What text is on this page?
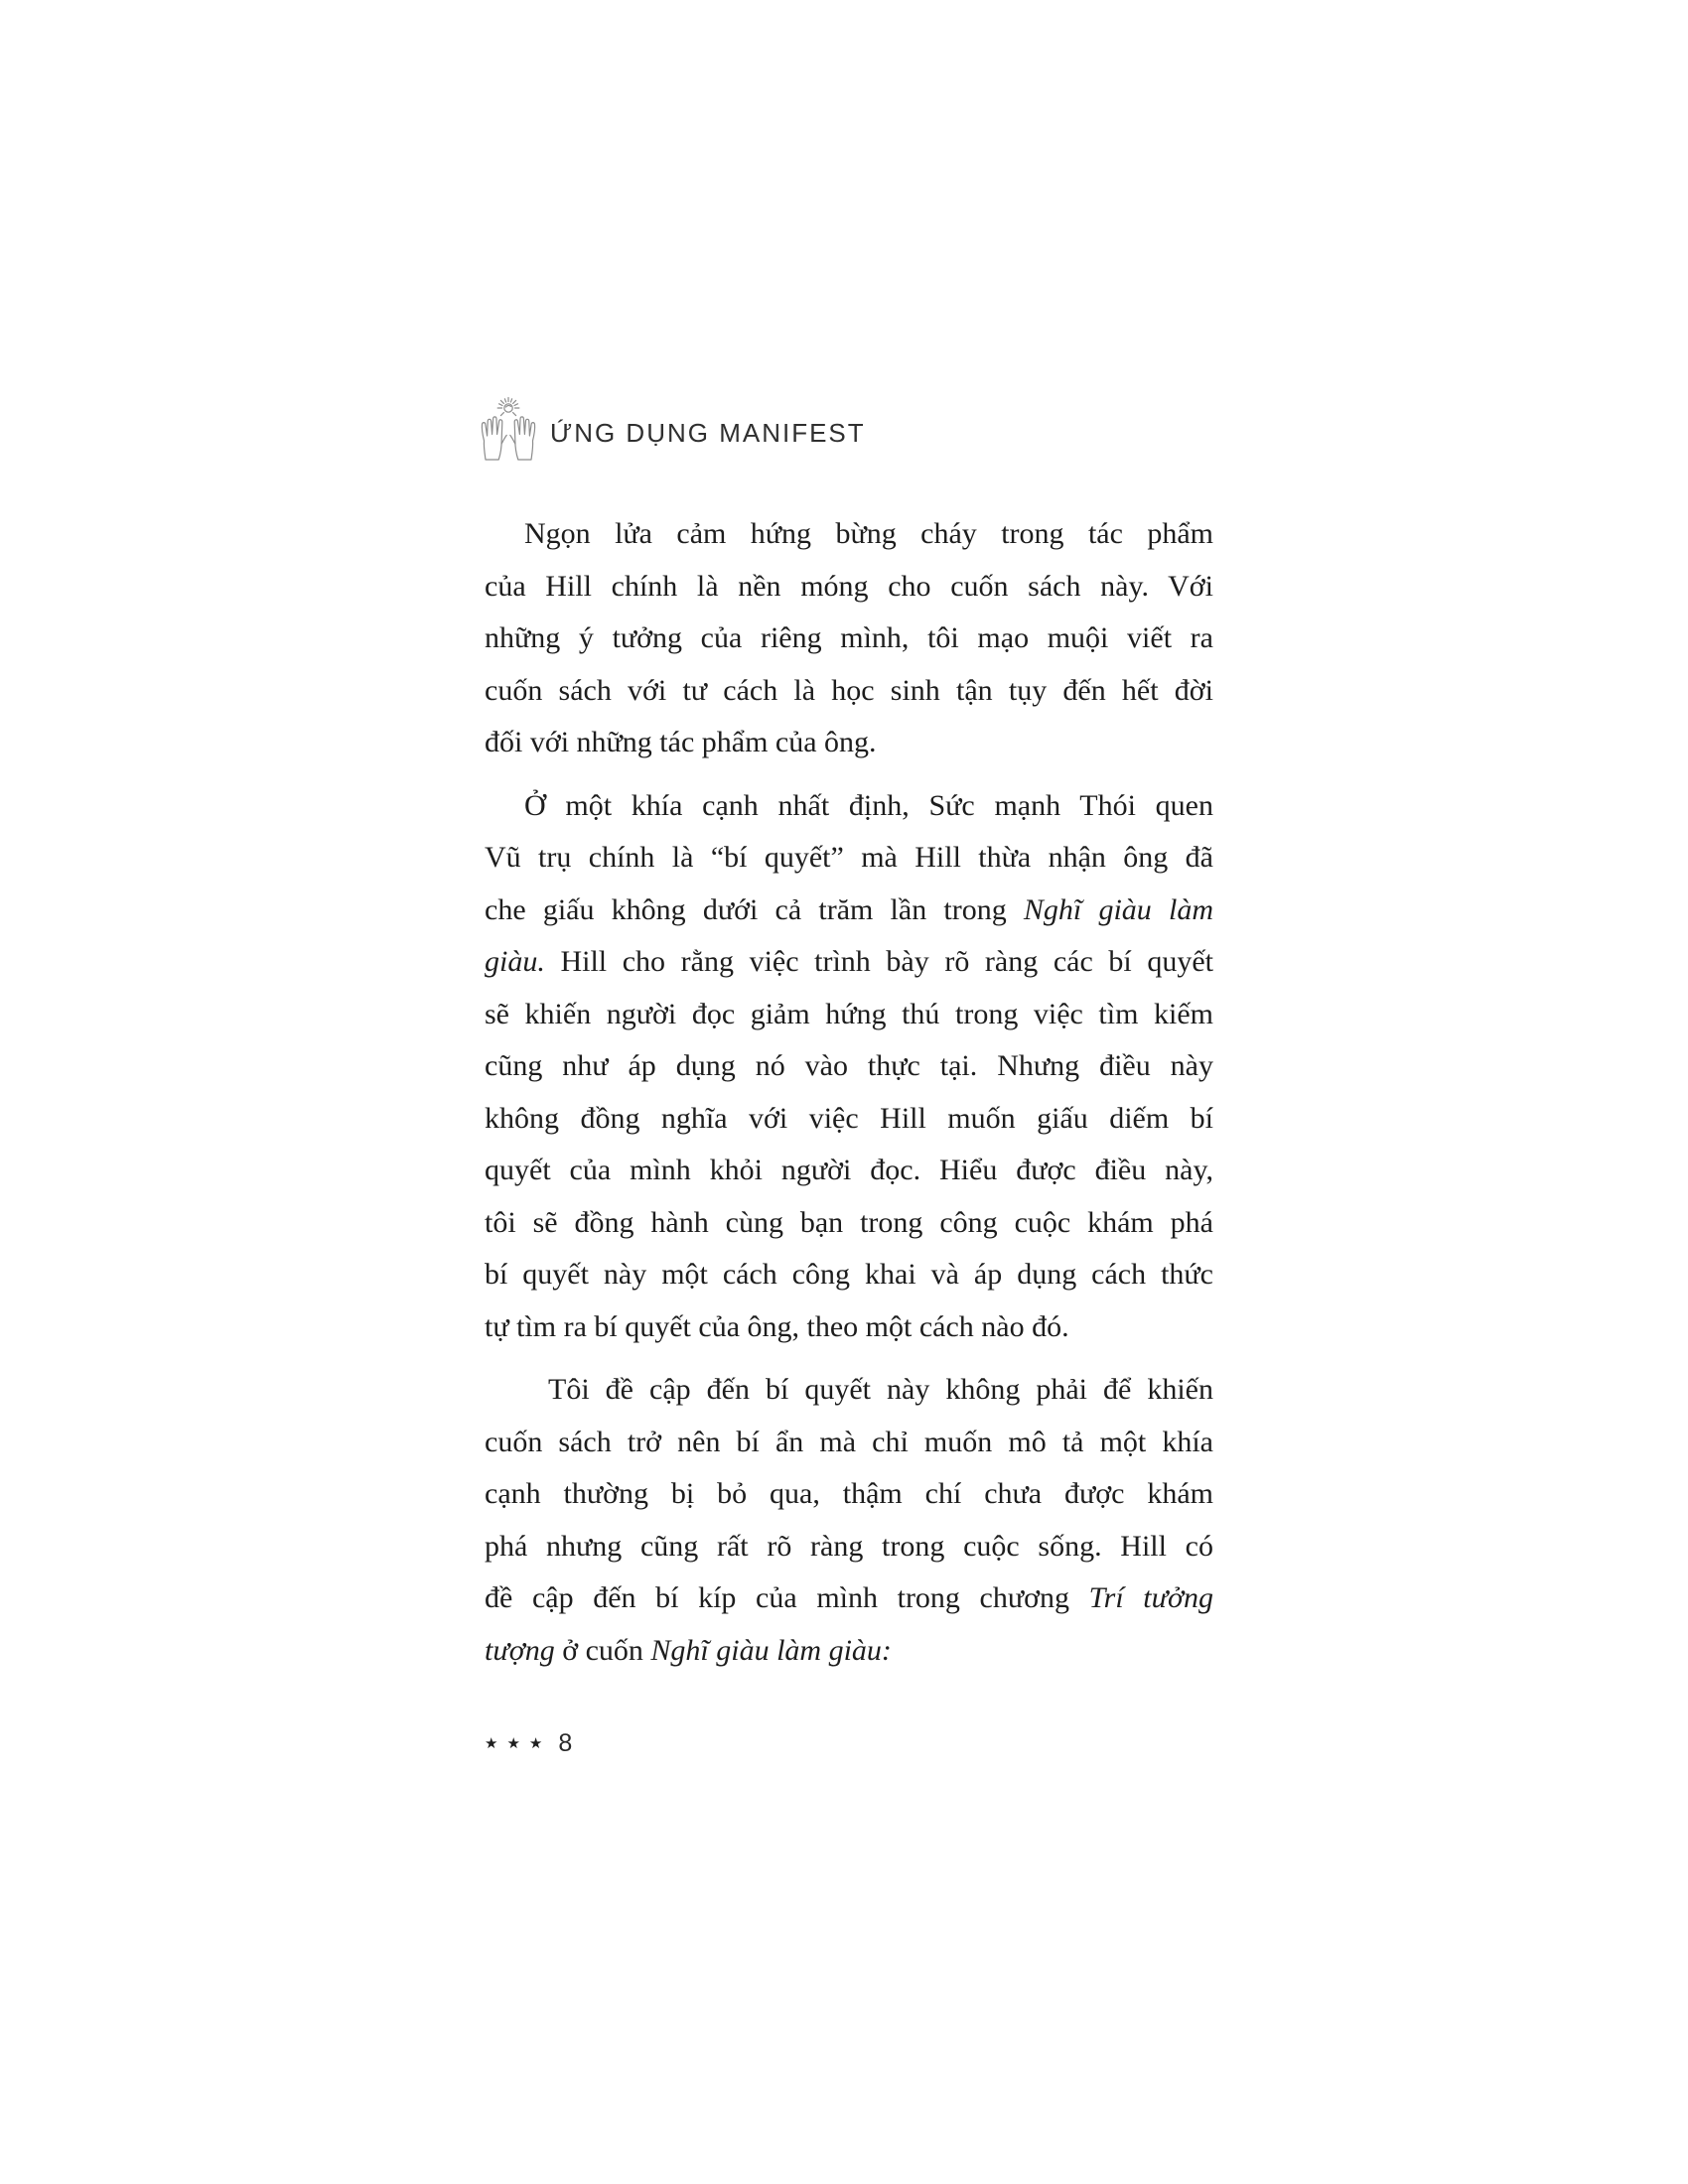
ỨNG DỤNG MANIFEST

Ngọn lửa cảm hứng bừng cháy trong tác phẩm
của Hill chính là nền móng cho cuốn sách này. Với
những ý tưởng của riêng mình, tôi mạo muội viết ra
cuốn sách với tư cách là học sinh tận tụy đến hết đời
đối với những tác phẩm của ông.

Ở một khía cạnh nhất định, Sức mạnh Thói quen
Vũ trụ chính là “bí quyết” mà Hill thừa nhận ông đã
che giấu không dưới cả trăm lần trong Nghĩ giàu làm
giàu. Hill cho rằng việc trình bày rõ ràng các bí quyết
sẽ khiến người đọc giảm hứng thú trong việc tìm kiếm
cũng như áp dụng nó vào thực tại. Nhưng điều này
không đồng nghĩa với việc Hill muốn giấu diếm bí
quyết của mình khỏi người đọc. Hiểu được điều này,
tôi sẽ đồng hành cùng bạn trong công cuộc khám phá
bí quyết này một cách công khai và áp dụng cách thức
tự tìm ra bí quyết của ông, theo một cách nào đó.

Tôi đề cập đến bí quyết này không phải để khiến
cuốn sách trở nên bí ẩn mà chỉ muốn mô tả một khía
cạnh thường bị bỏ qua, thậm chí chưa được khám
phá nhưng cũng rất rõ ràng trong cuộc sống. Hill có
đề cập đến bí kíp của mình trong chương Trí tưởng
tượng ở cuốn Nghĩ giàu làm giàu:

★ ★ ★ 8
